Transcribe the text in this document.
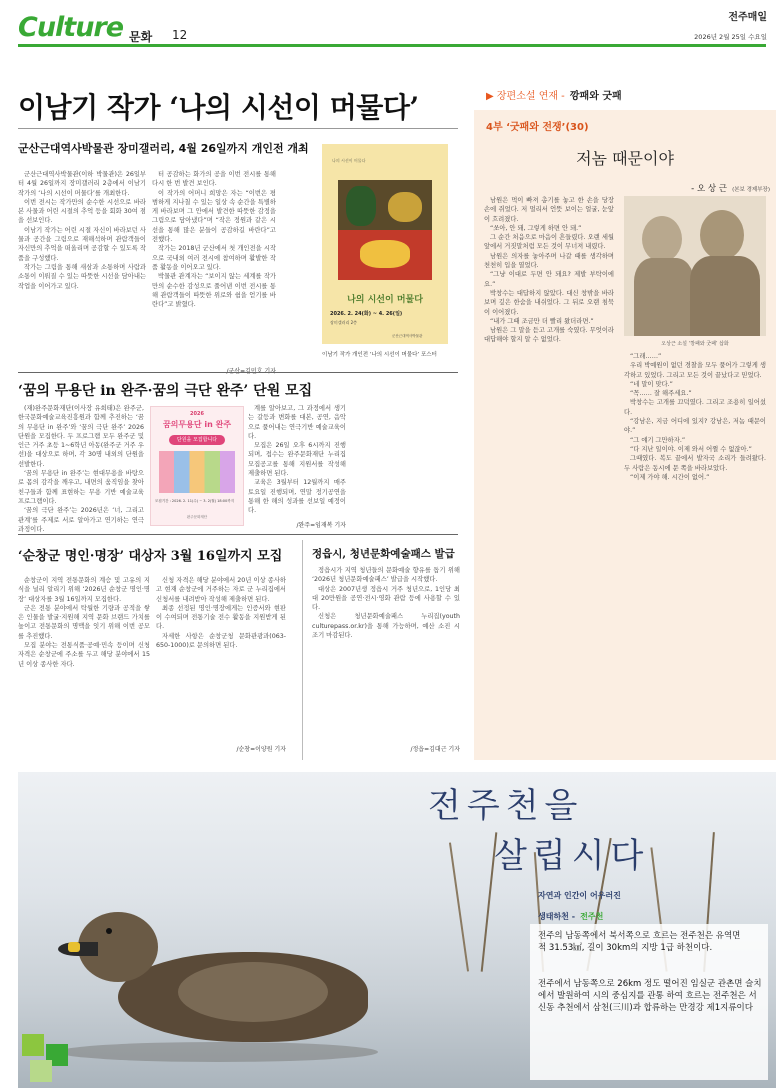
Culture 문화 12
전주매일
2026년 2월 25일 수요일
이남기 작가 ‘나의 시선이 머물다’
군산근대역사박물관 장미갤러리, 4월 26일까지 개인전 개최

군산근대역사박물관(이하 박물관)은 26일부터 4월 26일까지 장미갤러리 2층에서 이남기 작가의 ‘나의 시선이 머물다’를 개최한다.

이번 전시는 작가만의 순수한 시선으로 바라본 사물과 어린 시절의 추억 등을 회화 30여 점을 선보인다.

이남기 작가는 어린 시절 자신이 바라보던 사물과 공간을 그림으로 재해석하며 관람객들이 자신만의 추억을 떠올리며 공감할 수 있도록 작품을 구성했다.

작가는 그림을 통해 새삼과 소통하며 사람과 소통이 이뤄질 수 있는 따뜻한 시선을 담아내는 작업을 이어가고 있다.

터 공감하는 화가의 공을 이번 전시를 통해 다시 한 번 발견 보인다.

이 작가의 어머니 희망은 자는 “이번은 평범하게 지나칠 수 있는 일상 속 순간을 특별하게 바라보며 그 안에서 발견한 따뜻한 감정을 그림으로 담아냈다”며 “작은 정원과 같은 시선을 통해 많은 분들이 공감하길 바란다”고 전했다.

작가는 2018년 군산에서 첫 개인전을 시작으로 국내외 여러 전시에 참여하며 활발한 작품 활동을 이어오고 있다.

박물관 관계자는 “보이지 않는 세계를 작가만의 순수한 감성으로 풀어낸 이번 전시를 통해 관람객들이 따뜻한 위로와 쉼을 얻기를 바란다”고 밝혔다.

나의 시선이 머물다
나의 시선이 머물다
2026. 2. 24(화) ~ 4. 26(일)
장미갤러리 2층
군산근대역사박물관
이남기 작가 개인전 ‘나의 시선이 머물다’ 포스터
‘꿈의 무용단 in 완주·꿈의 극단 완주’ 단원 모집

(재)완주문화재단(이사장 유희태)은 완주군, 한국문화예술교육진흥원과 함께 추진하는 ‘꿈의 무용단 in 완주’와 ‘꿈의 극단 완주’ 2026 단원을 모집한다. 두 프로그램 모두 완주군 및 인근 거주 초등 1~6학년 아동(완주군 거주 우선)을 대상으로 하며, 각 30명 내외의 단원을 선발한다.

‘꿈의 무용단 in 완주’는 현대무용을 바탕으로 몸의 감각을 깨우고, 내면의 움직임을 찾아 친구들과 함께 표현하는 무용 기반 예술교육 프로그램이다.

‘꿈의 극단 완주’는 2026년은 ‘너, 그리고 관계’를 주제로 서로 알아가고 연기하는 연극 과정이다.

2026
꿈의무용단 in 완주
단원을 모집합니다
모집기간 : 2026. 2. 11(수) ~ 3. 2(월) 18:00까지
완주문화재단

계를 알아보고, 그 과정에서 생기는 갈등과 변화를 대본, 공연, 음악으로 풀어내는 연극기반 예술교육이다.

모집은 26일 오후 6시까지 진행되며, 접수는 완주문화재단 누리집 모집공고를 통해 지원서를 작성해 제출하면 된다.

교육은 3월부터 12월까지 매주 토요일 진행되며, 연말 정기공연을 통해 한 해의 성과를 선보일 예정이다.

/완주=임재복 기자
‘순창군 명인·명장’ 대상자 3월 16일까지 모집

순창군이 지역 전통문화의 계승 및 고유의 지식을 널리 알리기 위해 ‘2026년 순창군 명인·명장’ 대상자를 3월 16일까지 모집한다.

군은 전통 분야에서 탁월한 기량과 공적을 쌓은 인물을 발굴·지원해 지역 문화 브랜드 가치를 높이고 전통문화의 명맥을 잇기 위해 이번 공모를 추진했다.

모집 분야는 전통식품·공예·민속 등이며 신청 자격은 순창군에 주소를 두고 해당 분야에서 15년 이상 종사한 자다.

신청 자격은 해당 분야에서 20년 이상 종사하고 현재 순창군에 거주하는 자로 군 누리집에서 신청서를 내려받아 작성해 제출하면 된다.

최종 선정된 명인·명장에게는 인증서와 현판이 수여되며 전통기술 전수 활동을 지원받게 된다.

자세한 사항은 순창군청 문화관광과(063-650-1000)로 문의하면 된다.

/순창=이양원 기자
정읍시, 청년문화예술패스 발급

정읍시가 지역 청년들의 문화예술 향유를 돕기 위해 ‘2026년 청년문화예술패스’ 발급을 시작했다.

대상은 2007년생 정읍시 거주 청년으로, 1인당 최대 20만원을 공연·전시·영화 관람 등에 사용할 수 있다.

신청은 청년문화예술패스 누리집(youth culturepass.or.kr)을 통해 가능하며, 예산 소진 시 조기 마감된다.

/정읍=김대근 기자
▶ 장편소설 연재 - 깡패와 굿패
4부 ‘굿패와 전쟁’(30)
저놈 때문이야
- 오 상 근 (본보 경제부장)

남원은 먹이 빠져 총기를 놓고 한 손을 당장 손에 쥐었다. 저 멀리서 언뜻 보이는 얼굴, 눈앞이 흐려졌다.

“쏘아, 안 돼, 그렇게 하면 안 돼.”

그 순간 처음으로 마음이 흔들렸다. 오랜 세월 앞에서 거짓말처럼 모든 것이 무너져 내렸다.

남원은 의자를 놓아주며 나갈 때를 생각하며 천천히 입을 열었다.

“그냥 이대로 두면 안 돼요? 제발 부탁이에요.”

박창수는 대답하지 않았다. 대신 창밖을 바라보며 깊은 한숨을 내쉬었다. 그 뒤로 오랜 침묵이 이어졌다.

“내가 그때 조금만 더 빨리 왔더라면.”

남원은 그 말을 듣고 고개를 숙였다. 무엇이라 대답해야 할지 알 수 없었다.

오상근 소설 ‘깡패와 굿패’ 삽화

“그래……”

우리 박예원이 없던 경찰을 모두 풀어가 그렇게 생각하고 있었다. 그리고 모든 것이 끝났다고 믿었다.

“네 말이 맞다.”

“꼭…… 잘 해주세요.”

박창수는 고개를 끄덕였다. 그리고 조용히 일어섰다.

“강남은, 지금 어디에 있지? 강남은, 저놈 때문이야.”

“그 얘기 그만하자.”

“다 지난 일이야. 이제 와서 어쩔 수 없잖아.”

그때였다. 복도 끝에서 발자국 소리가 들려왔다. 두 사람은 동시에 문 쪽을 바라보았다.

“이제 가야 해. 시간이 없어.”

전주천을
살립시다
자연과 인간이 어우러진
생태하천 - 전주천
전주의 남동쪽에서 북서쪽으로 흐르는 전주천은 유역면적 31.53㎢, 길이 30km의 지방 1급 하천이다.
전주에서 남동쪽으로 26km 정도 떨어진 임실군 관촌면 슬치에서 발원하여 시의 중심지를 관통 하여 흐르는 전주천은 서신동 추천에서 삼천(三川)과 합류하는 만경강 제1지류이다
